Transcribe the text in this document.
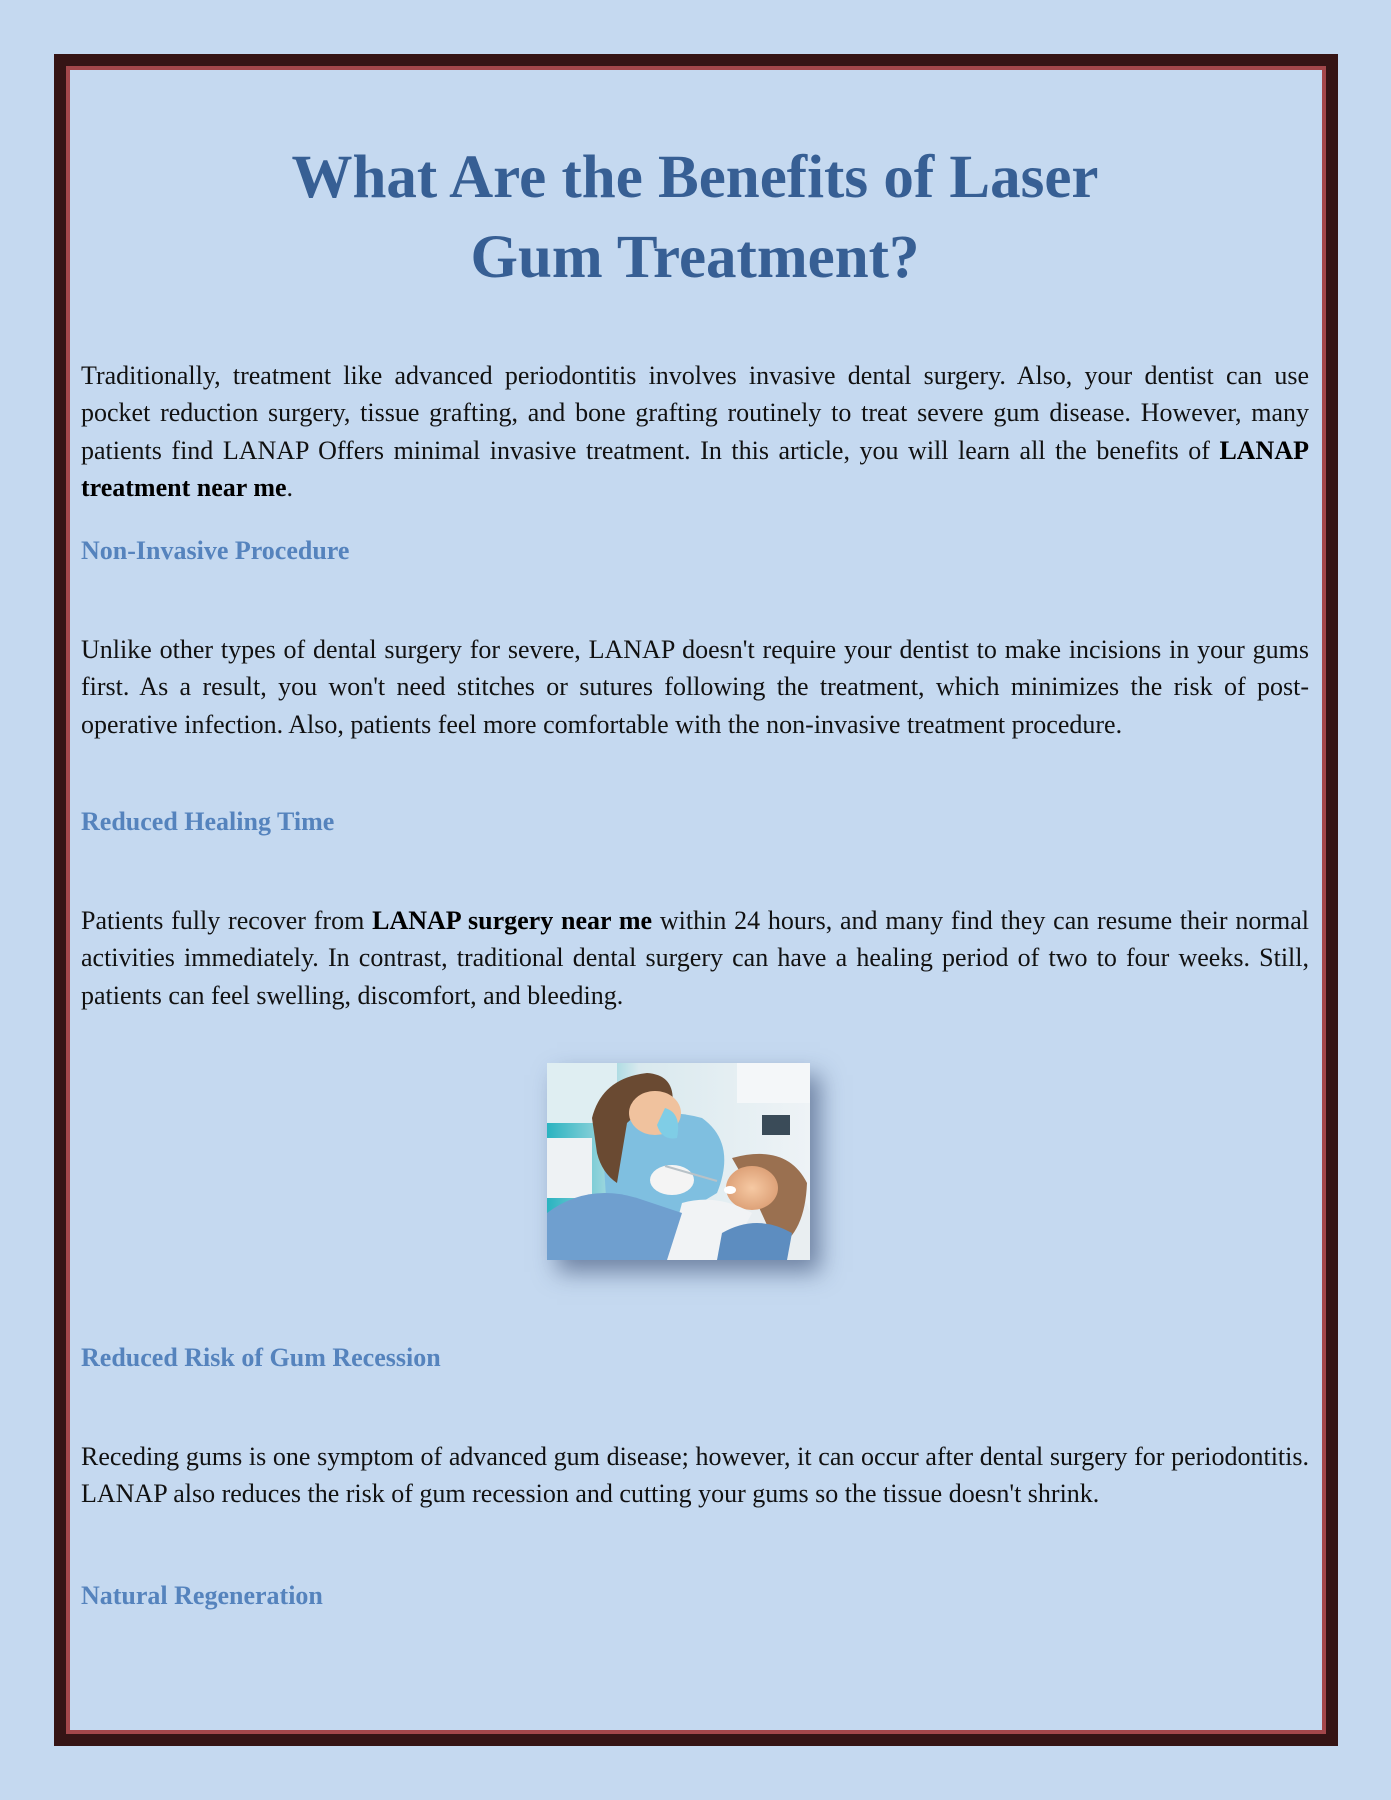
What Are the Benefits of Laser Gum Treatment?

Traditionally, treatment like advanced periodontitis involves invasive dental surgery. Also, your dentist can use pocket reduction surgery, tissue grafting, and bone grafting routinely to treat severe gum disease. However, many patients find LANAP Offers minimal invasive treatment. In this article, you will learn all the benefits of LANAP treatment near me.

Non-Invasive Procedure

Unlike other types of dental surgery for severe, LANAP doesn't require your dentist to make incisions in your gums first. As a result, you won't need stitches or sutures following the treatment, which minimizes the risk of post-operative infection. Also, patients feel more comfortable with the non-invasive treatment procedure.

Reduced Healing Time

Patients fully recover from LANAP surgery near me within 24 hours, and many find they can resume their normal activities immediately. In contrast, traditional dental surgery can have a healing period of two to four weeks. Still, patients can feel swelling, discomfort, and bleeding.

Reduced Risk of Gum Recession

Receding gums is one symptom of advanced gum disease; however, it can occur after dental surgery for periodontitis. LANAP also reduces the risk of gum recession and cutting your gums so the tissue doesn't shrink.

Natural Regeneration
